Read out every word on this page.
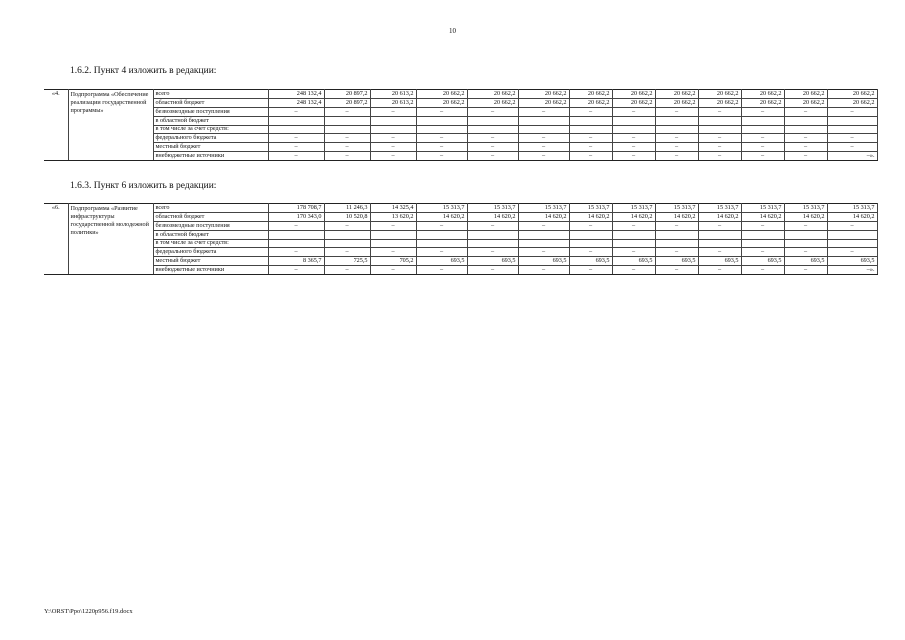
10
1.6.2. Пункт 4 изложить в редакции:
«4.	Подпрограмма «Обеспечение реализации государственной программы»	всего	248 132,4	20 897,2	20 613,2	20 662,2	20 662,2	20 662,2	20 662,2	20 662,2	20 662,2	20 662,2	20 662,2	20 662,2	20 662,2
		областной бюджет	248 132,4	20 897,2	20 613,2	20 662,2	20 662,2	20 662,2	20 662,2	20 662,2	20 662,2	20 662,2	20 662,2	20 662,2	20 662,2
		безвозмездные поступления	–	–	–	–	–	–	–	–	–	–	–	–	–
		в областной бюджет													
		в том числе за счет средств:													
		федерального бюджета	–	–	–	–	–	–	–	–	–	–	–	–	–
		местный бюджет	–	–	–	–	–	–	–	–	–	–	–	–	–
		внебюджетные источники	–	–	–	–	–	–	–	–	–	–	–	–	–».
1.6.3. Пункт 6 изложить в редакции:
«6.	Подпрограмма «Развитие инфраструктуры государственной молодежной политики»	всего	178 708,7	11 246,3	14 325,4	15 313,7	15 313,7	15 313,7	15 313,7	15 313,7	15 313,7	15 313,7	15 313,7	15 313,7	15 313,7
		областной бюджет	170 343,0	10 520,8	13 620,2	14 620,2	14 620,2	14 620,2	14 620,2	14 620,2	14 620,2	14 620,2	14 620,2	14 620,2	14 620,2
		безвозмездные поступления	–	–	–	–	–	–	–	–	–	–	–	–	–
		в областной бюджет													
		в том числе за счет средств:													
		федерального бюджета	–	–	–	–	–	–	–	–	–	–	–	–	–
		местный бюджет	8 365,7	725,5	705,2	693,5	693,5	693,5	693,5	693,5	693,5	693,5	693,5	693,5	693,5
		внебюджетные источники	–	–	–	–	–	–	–	–	–	–	–	–	–».
Y:\ORST\Ppo\1220p956.f19.docx
